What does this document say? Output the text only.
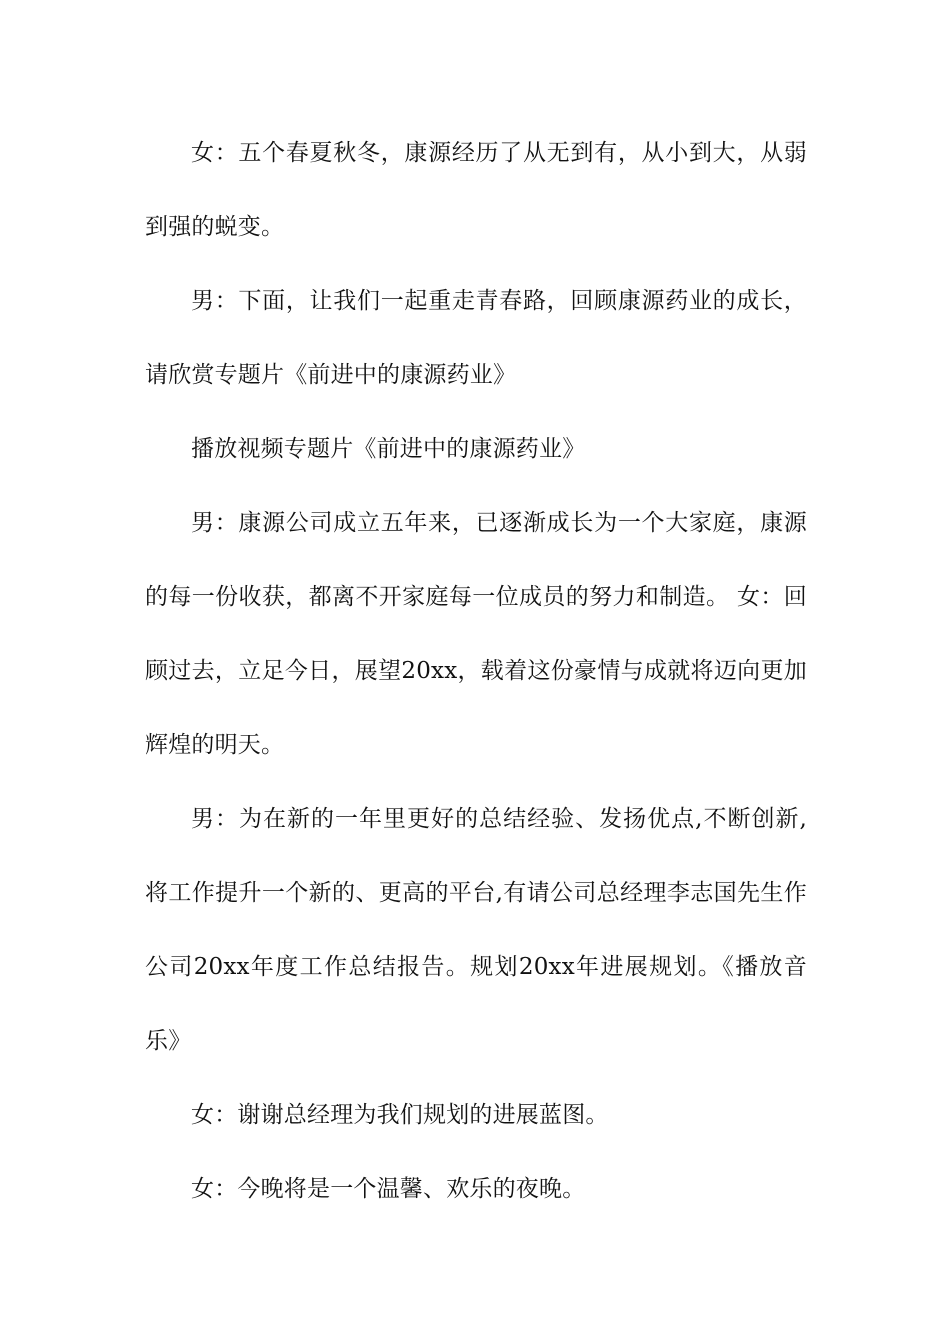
女：五个春夏秋冬，康源经历了从无到有，从小到大，从弱到强的蜕变。

男：下面，让我们一起重走青春路，回顾康源药业的成长，请欣赏专题片《前进中的康源药业》

播放视频专题片《前进中的康源药业》

男：康源公司成立五年来，已逐渐成长为一个大家庭，康源的每一份收获，都离不开家庭每一位成员的努力和制造。 女：回顾过去，立足今日，展望20xx，载着这份豪情与成就将迈向更加辉煌的明天。

男：为在新的一年里更好的总结经验、发扬优点,不断创新,将工作提升一个新的、更高的平台,有请公司总经理李志国先生作公司20xx年度工作总结报告。规划20xx年进展规划。《播放音乐》

女：谢谢总经理为我们规划的进展蓝图。

女：今晚将是一个温馨、欢乐的夜晚。
